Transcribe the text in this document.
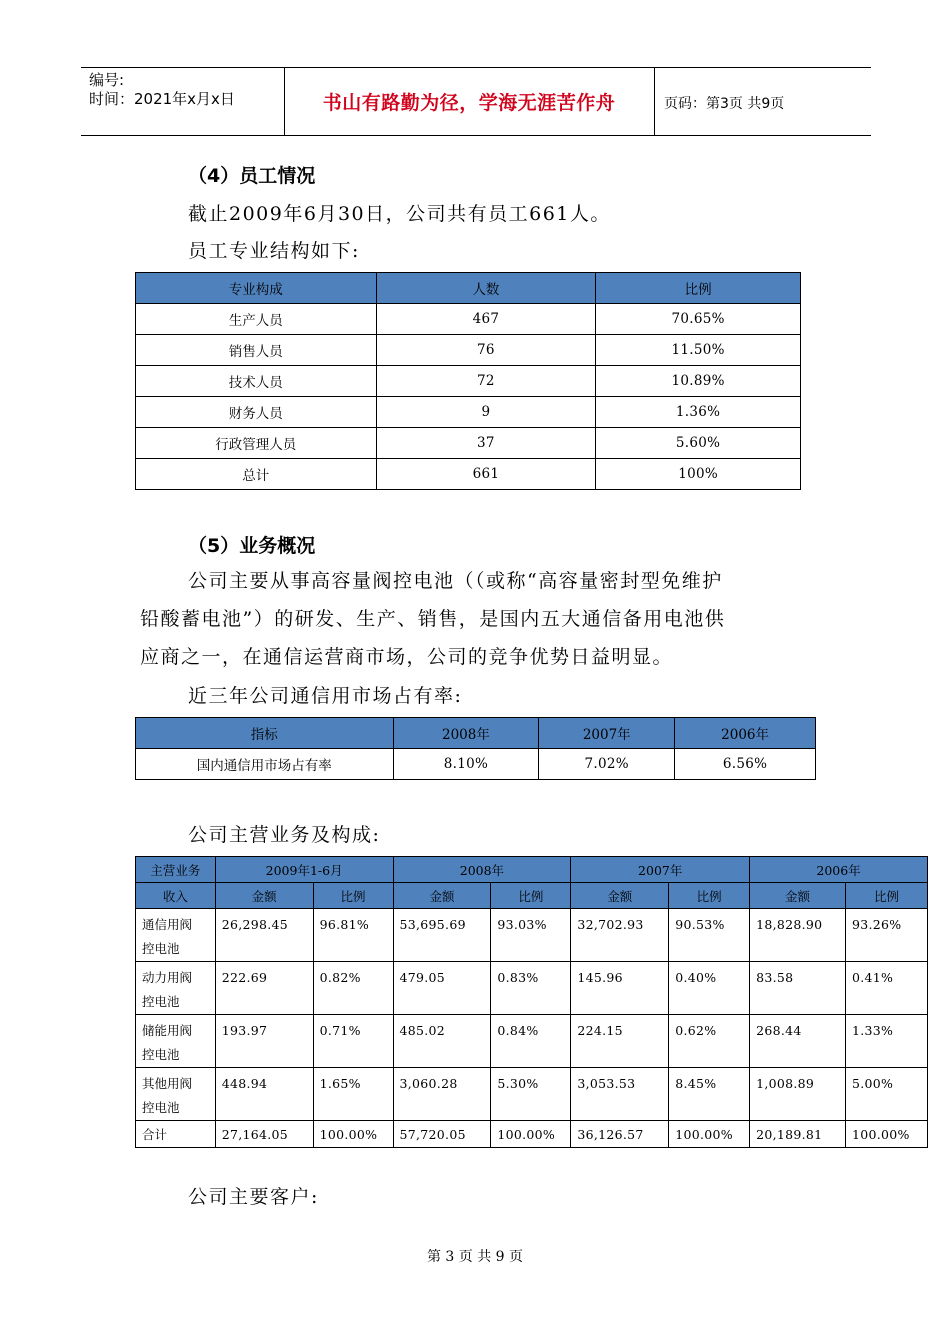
编号:
时间：2021年x月x日	书山有路勤为径，学海无涯苦作舟	页码：第3页 共9页
（4）员工情况
截止2009年6月30日，公司共有员工661人。
员工专业结构如下:
专业构成	人数	比例
生产人员	467	70.65%
销售人员	76	11.50%
技术人员	72	10.89%
财务人员	9	1.36%
行政管理人员	37	5.60%
总计	661	100%
（5）业务概况
公司主要从事高容量阀控电池（（或称“高容量密封型免维护
铅酸蓄电池”）的研发、生产、销售，是国内五大通信备用电池供
应商之一，在通信运营商市场，公司的竞争优势日益明显。
近三年公司通信用市场占有率:
指标	2008年	2007年	2006年
国内通信用市场占有率	8.10%	7.02%	6.56%
公司主营业务及构成:
主营业务	2009年1-6月		2008年		2007年		2006年	
收入	金额	比例	金额	比例	金额	比例	金额	比例
通信用阀
控电池	26,298.45	96.81%	53,695.69	93.03%	32,702.93	90.53%	18,828.90	93.26%
动力用阀
控电池	222.69	0.82%	479.05	0.83%	145.96	0.40%	83.58	0.41%
储能用阀
控电池	193.97	0.71%	485.02	0.84%	224.15	0.62%	268.44	1.33%
其他用阀
控电池	448.94	1.65%	3,060.28	5.30%	3,053.53	8.45%	1,008.89	5.00%
合计	27,164.05	100.00%	57,720.05	100.00%	36,126.57	100.00%	20,189.81	100.00%
公司主要客户:
第 3 页 共 9 页
